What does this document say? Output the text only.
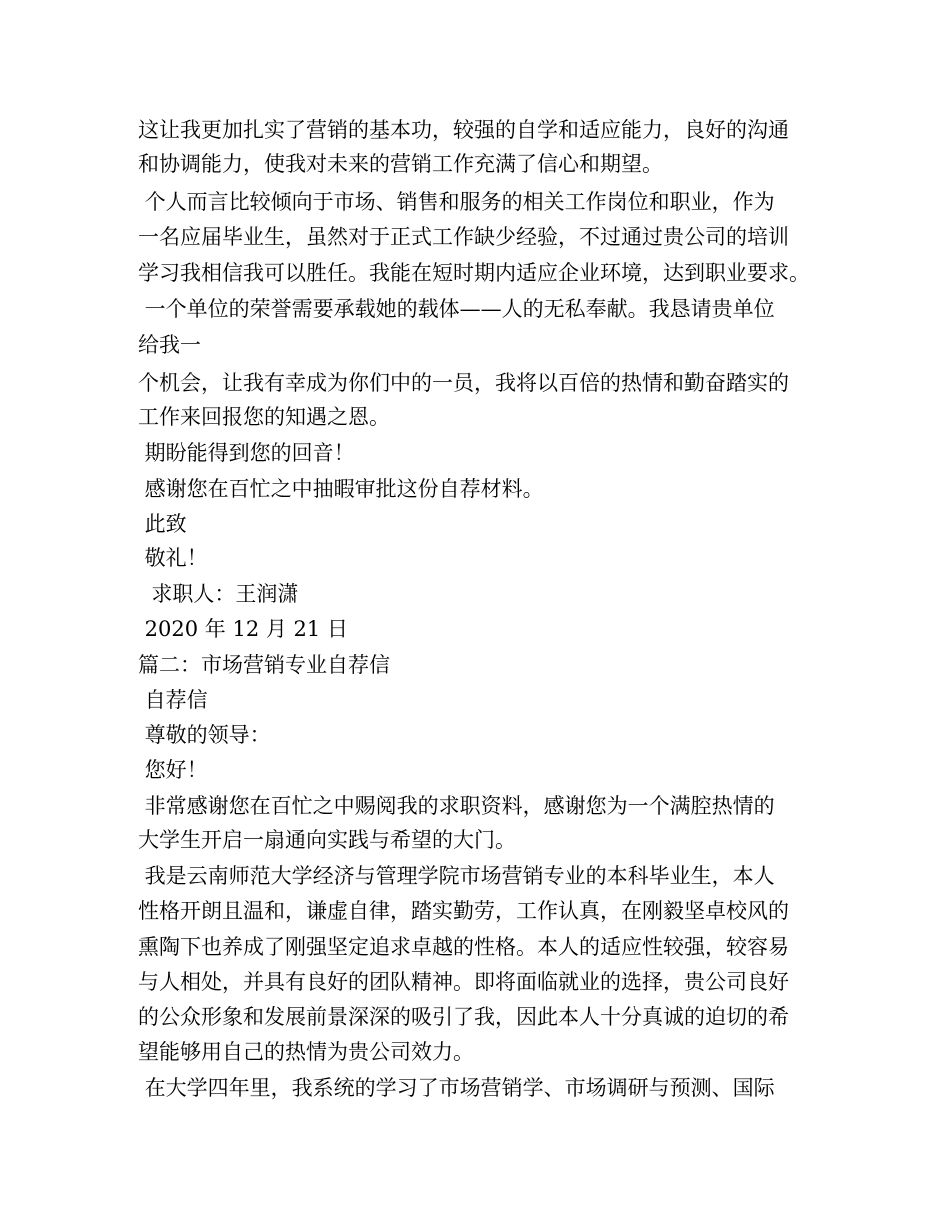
这让我更加扎实了营销的基本功，较强的自学和适应能力，良好的沟通
和协调能力，使我对未来的营销工作充满了信心和期望。
个人而言比较倾向于市场、销售和服务的相关工作岗位和职业，作为
一名应届毕业生，虽然对于正式工作缺少经验，不过通过贵公司的培训
学习我相信我可以胜任。我能在短时期内适应企业环境，达到职业要求。
一个单位的荣誉需要承载她的载体——人的无私奉献。我恳请贵单位
给我一
个机会，让我有幸成为你们中的一员，我将以百倍的热情和勤奋踏实的
工作来回报您的知遇之恩。
期盼能得到您的回音！
感谢您在百忙之中抽暇审批这份自荐材料。
此致
敬礼！
求职人：王润潇
2020 年 12 月 21 日
篇二：市场营销专业自荐信
自荐信
尊敬的领导：
您好！
非常感谢您在百忙之中赐阅我的求职资料，感谢您为一个满腔热情的
大学生开启一扇通向实践与希望的大门。
我是云南师范大学经济与管理学院市场营销专业的本科毕业生，本人
性格开朗且温和，谦虚自律，踏实勤劳，工作认真，在刚毅坚卓校风的
熏陶下也养成了刚强坚定追求卓越的性格。本人的适应性较强，较容易
与人相处，并具有良好的团队精神。即将面临就业的选择，贵公司良好
的公众形象和发展前景深深的吸引了我，因此本人十分真诚的迫切的希
望能够用自己的热情为贵公司效力。
在大学四年里，我系统的学习了市场营销学、市场调研与预测、国际
